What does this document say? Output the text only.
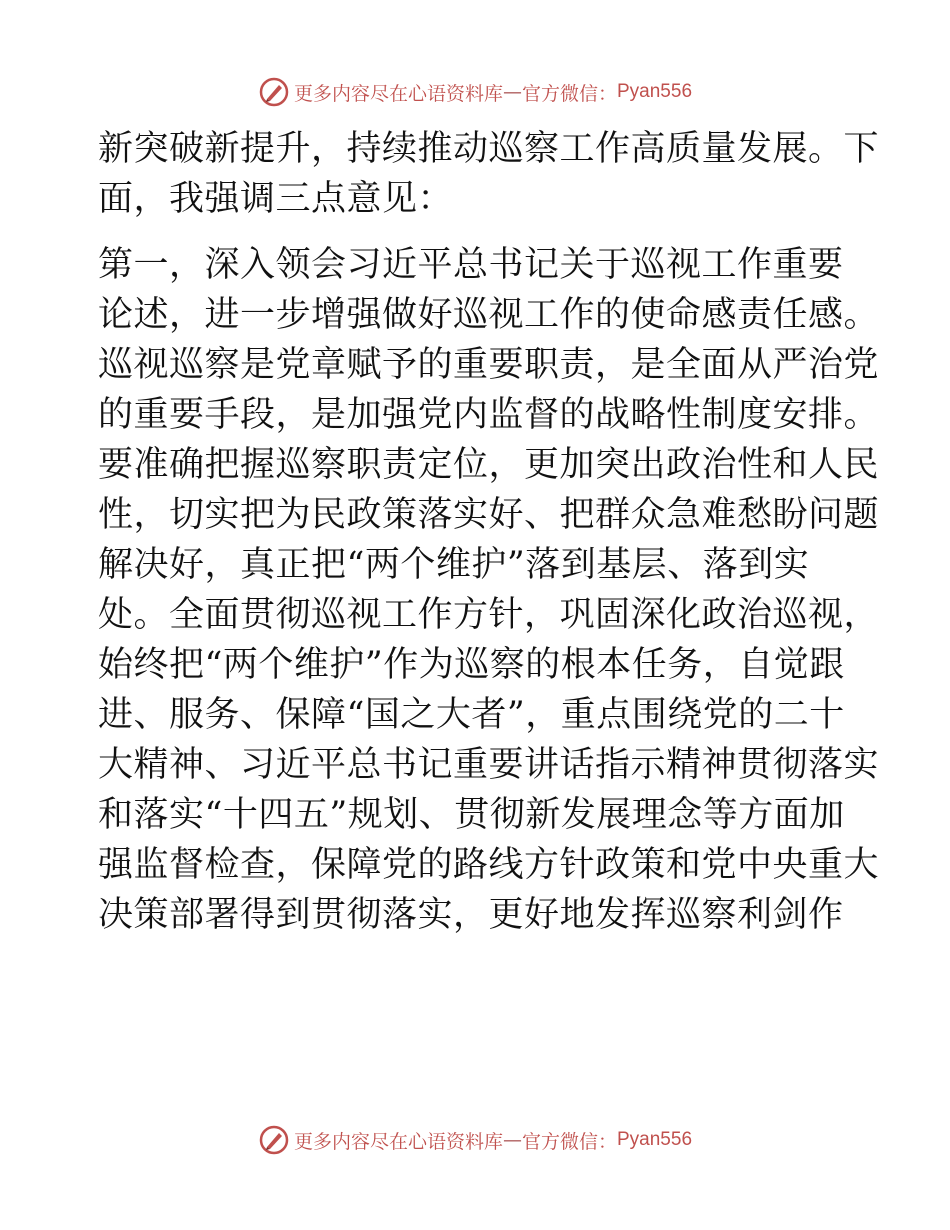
更多内容尽在心语资料库 — 官方微信： Pyan556
新突破新提升，持续推动巡察工作高质量发展。下
面，我强调三点意见：
第一，深入领会习近平总书记关于巡视工作重要
论述，进一步增强做好巡视工作的使命感责任感。
巡视巡察是党章赋予的重要职责，是全面从严治党
的重要手段，是加强党内监督的战略性制度安排。
要准确把握巡察职责定位，更加突出政治性和人民
性，切实把为民政策落实好、把群众急难愁盼问题
解决好，真正把“两个维护”落到基层、落到实
处。全面贯彻巡视工作方针，巩固深化政治巡视，
始终把“两个维护”作为巡察的根本任务，自觉跟
进、服务、保障“国之大者”，重点围绕党的二十
大精神、习近平总书记重要讲话指示精神贯彻落实
和落实“十四五”规划、贯彻新发展理念等方面加
强监督检查，保障党的路线方针政策和党中央重大
决策部署得到贯彻落实，更好地发挥巡察利剑作
更多内容尽在心语资料库 — 官方微信： Pyan556
